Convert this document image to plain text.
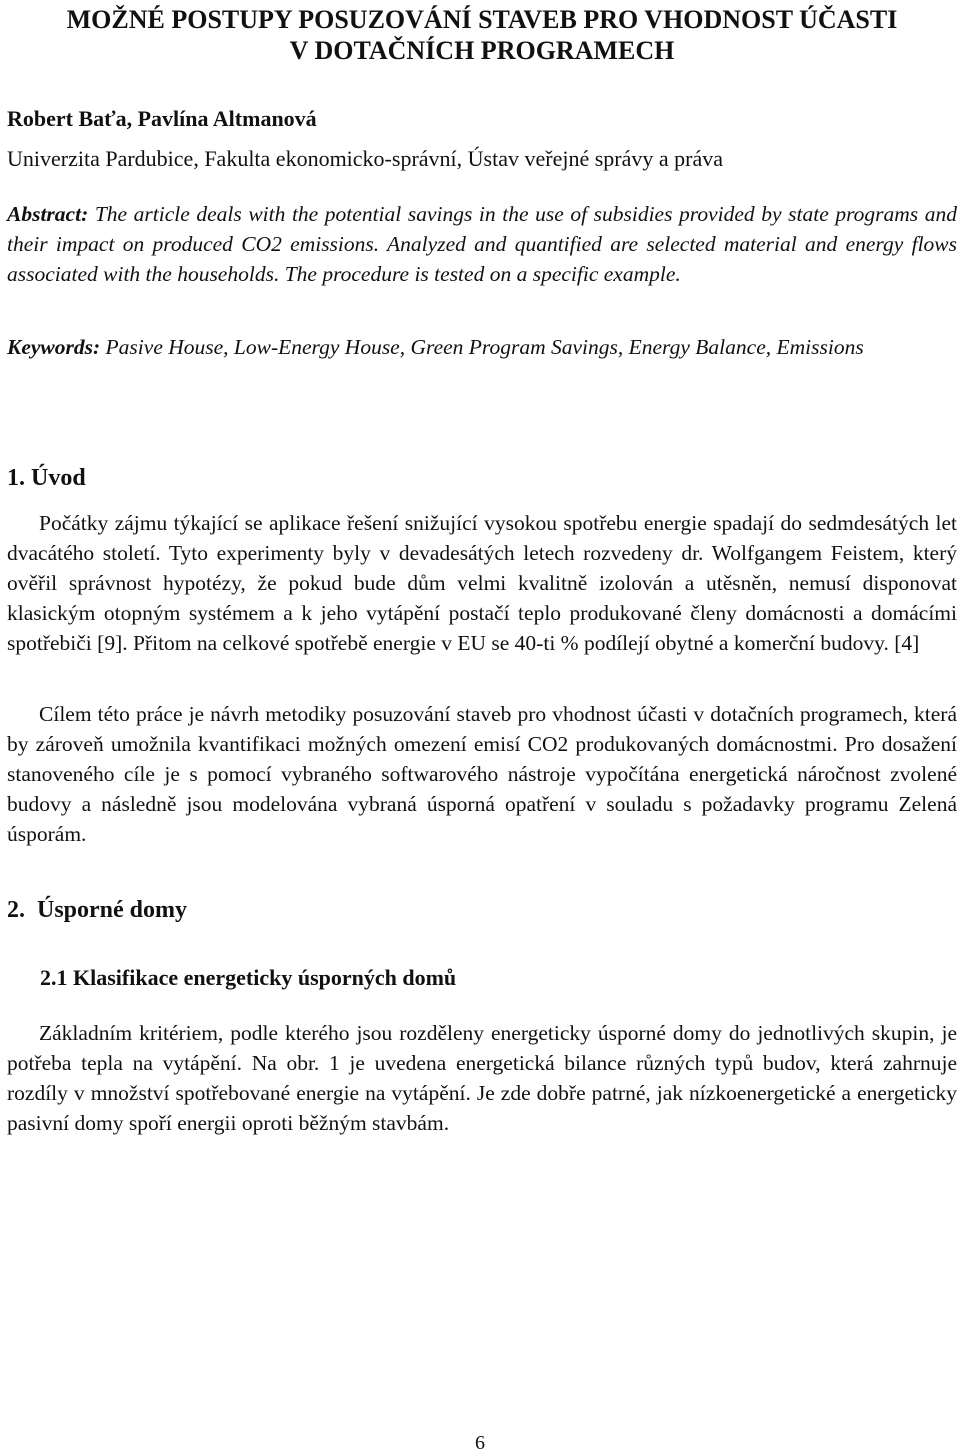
MOŽNÉ POSTUPY POSUZOVÁNÍ STAVEB PRO VHODNOST ÚČASTI
V DOTAČNÍCH PROGRAMECH

Robert Baťa, Pavlína Altmanová

Univerzita Pardubice, Fakulta ekonomicko-správní, Ústav veřejné správy a práva

Abstract: The article deals with the potential savings in the use of subsidies provided by state programs and their impact on produced CO2 emissions. Analyzed and quantified are selected material and energy flows associated with the households. The procedure is tested on a specific example.

Keywords: Pasive House, Low-Energy House, Green Program Savings, Energy Balance, Emissions

1. Úvod

Počátky zájmu týkající se aplikace řešení snižující vysokou spotřebu energie spadají do sedmdesátých let dvacátého století. Tyto experimenty byly v devadesátých letech rozvedeny dr. Wolfgangem Feistem, který ověřil správnost hypotézy, že pokud bude dům velmi kvalitně izolován a utěsněn, nemusí disponovat klasickým otopným systémem a k jeho vytápění postačí teplo produkované členy domácnosti a domácími spotřebiči [9]. Přitom na celkové spotřebě energie v EU se 40-ti % podílejí obytné a komerční budovy. [4]

Cílem této práce je návrh metodiky posuzování staveb pro vhodnost účasti v dotačních programech, která by zároveň umožnila kvantifikaci možných omezení emisí CO2 produkovaných domácnostmi. Pro dosažení stanoveného cíle je s pomocí vybraného softwarového nástroje vypočítána energetická náročnost zvolené budovy a následně jsou modelována vybraná úsporná opatření v souladu s požadavky programu Zelená úsporám.

2.  Úsporné domy
2.1 Klasifikace energeticky úsporných domů

Základním kritériem, podle kterého jsou rozděleny energeticky úsporné domy do jednotlivých skupin, je potřeba tepla na vytápění. Na obr. 1 je uvedena energetická bilance různých typů budov, která zahrnuje rozdíly v množství spotřebované energie na vytápění. Je zde dobře patrné, jak nízkoenergetické a energeticky pasivní domy spoří energii oproti běžným stavbám.

6
